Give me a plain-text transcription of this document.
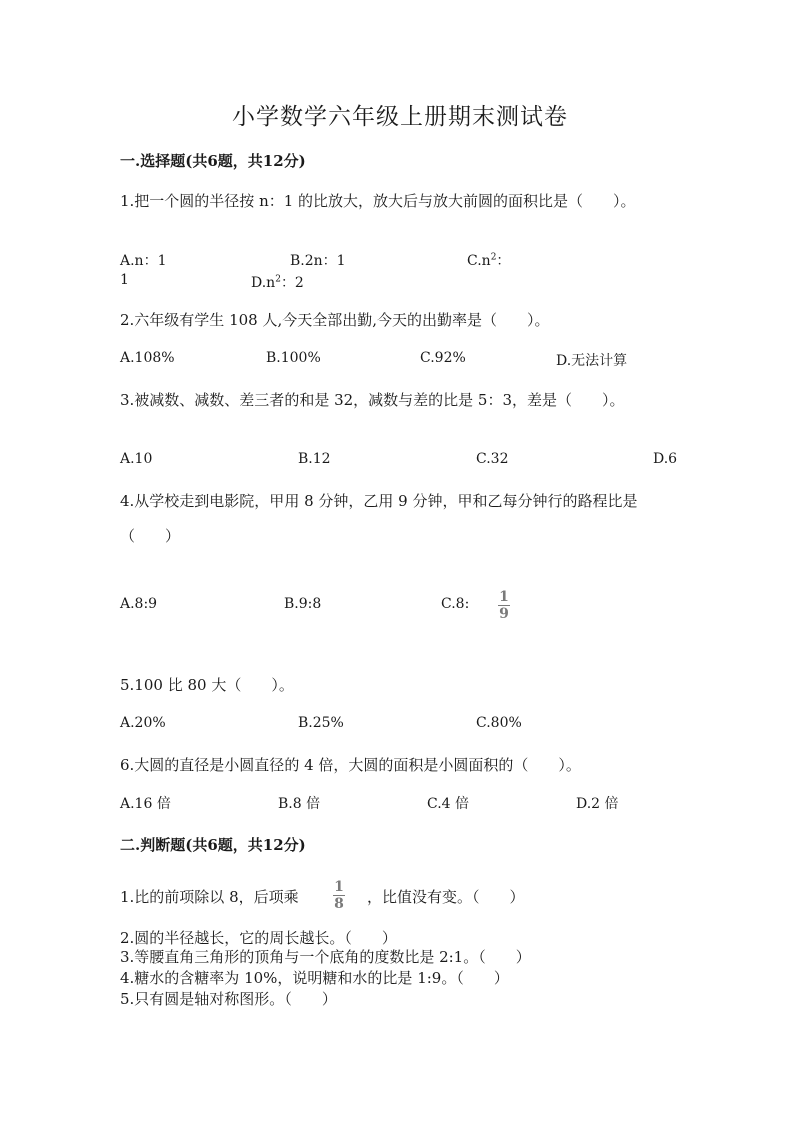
小学数学六年级上册期末测试卷
一.选择题(共6题，共12分)
1.把一个圆的半径按 n：1 的比放大，放大后与放大前圆的面积比是（　　）。
A.n：1	B.2n：1	$C.n^2$：
1	$D.n^2$：2
2.六年级有学生 108 人,今天全部出勤,今天的出勤率是（　　）。
A.108%	B.100%	C.92%	D.无法计算
3.被减数、减数、差三者的和是 32，减数与差的比是 5：3，差是（　　）。
A.10	B.12	C.32	D.6
4.从学校走到电影院，甲用 8 分钟，乙用 9 分钟，甲和乙每分钟行的路程比是
（　　）
A.8:9	B.9:8	C.8: 1
9
5.100 比 80 大（　　）。
A.20%	B.25%	C.80%
6.大圆的直径是小圆直径的 4 倍，大圆的面积是小圆面积的（　　）。
A.16 倍	B.8 倍	C.4 倍	D.2 倍
二.判断题(共6题，共12分)
1.比的前项除以 8，后项乘
1
8 ，比值没有变。（　　）
2.圆的半径越长，它的周长越长。（　　）
3.等腰直角三角形的顶角与一个底角的度数比是 2:1。（　　）
4.糖水的含糖率为 10%，说明糖和水的比是 1:9。（　　）
5.只有圆是轴对称图形。（　　）
